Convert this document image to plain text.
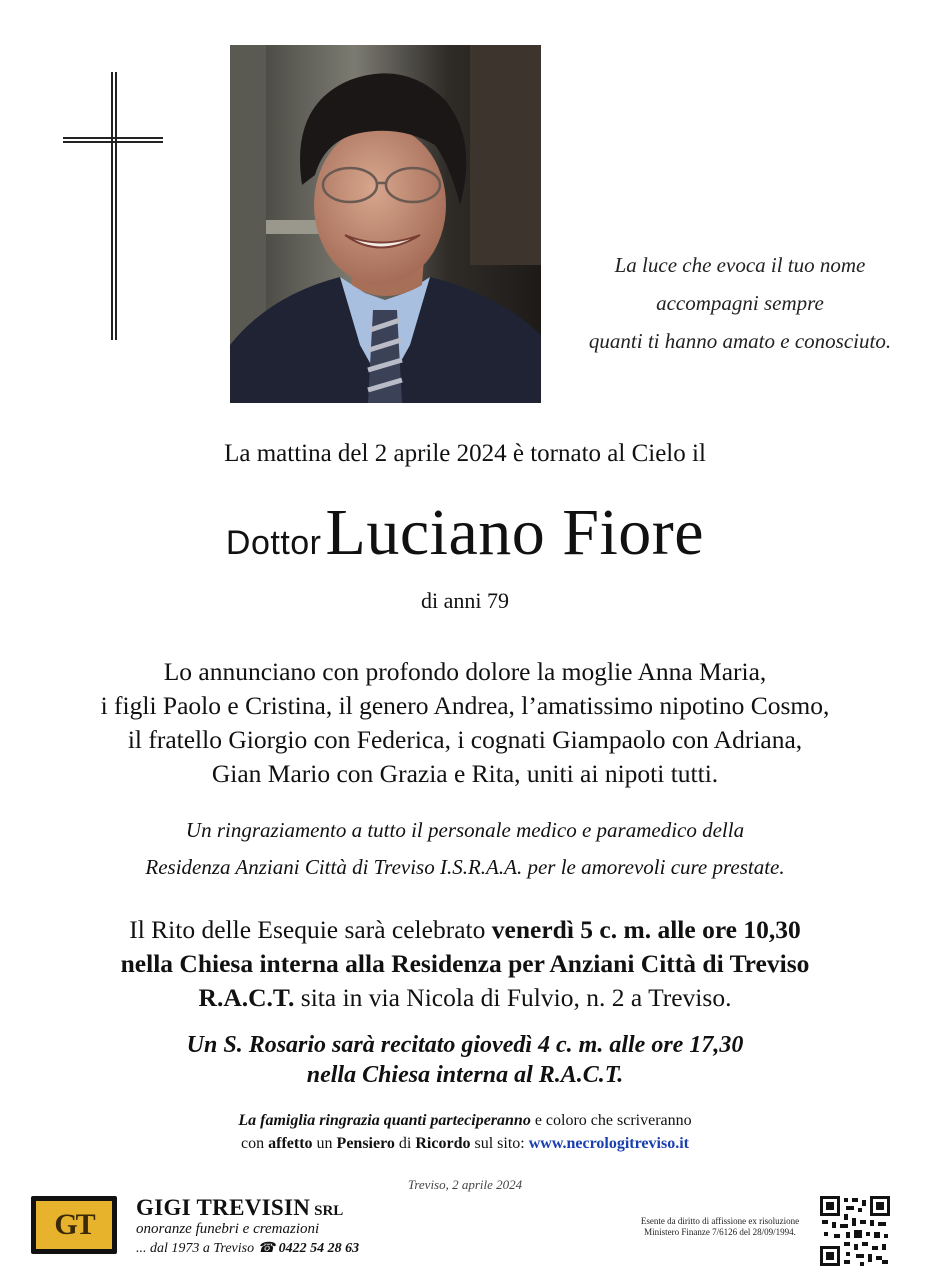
La luce che evoca il tuo nome
accompagni sempre
quanti ti hanno amato e conosciuto.
La mattina del 2 aprile 2024 è tornato al Cielo il
Dottor Luciano Fiore
di anni 79
Lo annunciano con profondo dolore la moglie Anna Maria,
i figli Paolo e Cristina, il genero Andrea, l’amatissimo nipotino Cosmo,
il fratello Giorgio con Federica, i cognati Giampaolo con Adriana,
Gian Mario con Grazia e Rita, uniti ai nipoti tutti.
Un ringraziamento a tutto il personale medico e paramedico della
Residenza Anziani Città di Treviso I.S.R.A.A. per le amorevoli cure prestate.
Il Rito delle Esequie sarà celebrato venerdì 5 c. m. alle ore 10,30
nella Chiesa interna alla Residenza per Anziani Città di Treviso
R.A.C.T. sita in via Nicola di Fulvio, n. 2 a Treviso.
Un S. Rosario sarà recitato giovedì 4 c. m. alle ore 17,30
nella Chiesa interna al R.A.C.T.
La famiglia ringrazia quanti parteciperanno e coloro che scriveranno
con affetto un Pensiero di Ricordo sul sito: www.necrologitreviso.it
Treviso, 2 aprile 2024
GT
GIGI TREVISIN SRL
onoranze funebri e cremazioni
... dal 1973 a Treviso ☎ 0422 54 28 63
Esente da diritto di affissione ex risoluzione
Ministero Finanze 7/6126 del 28/09/1994.
